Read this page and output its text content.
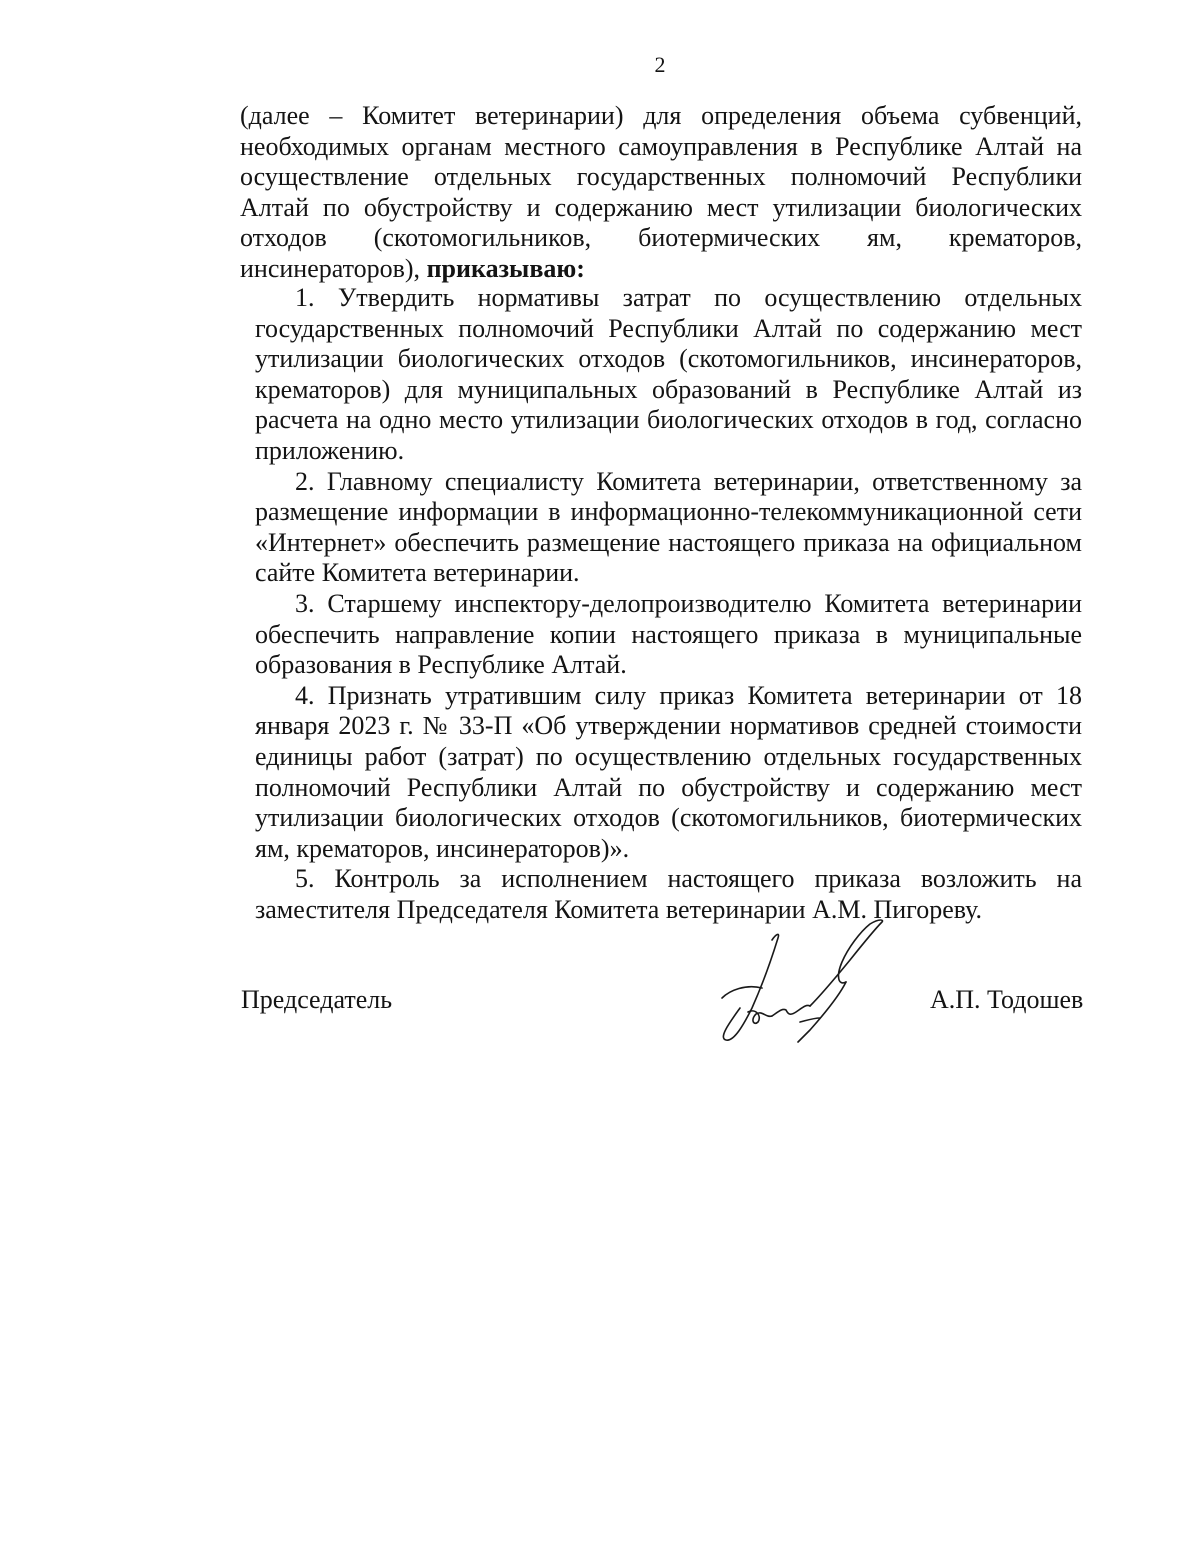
2

(далее – Комитет ветеринарии) для определения объема субвенций, необходимых органам местного самоуправления в Республике Алтай на осуществление отдельных государственных полномочий Республики Алтай по обустройству и содержанию мест утилизации биологических отходов (скотомогильников, биотермических ям, крематоров, инсинераторов), приказываю:

1. Утвердить нормативы затрат по осуществлению отдельных государственных полномочий Республики Алтай по содержанию мест утилизации биологических отходов (скотомогильников, инсинераторов, крематоров) для муниципальных образований в Республике Алтай из расчета на одно место утилизации биологических отходов в год, согласно приложению.

2. Главному специалисту Комитета ветеринарии, ответственному за размещение информации в информационно-телекоммуникационной сети «Интернет» обеспечить размещение настоящего приказа на официальном сайте Комитета ветеринарии.

3. Старшему инспектору-делопроизводителю Комитета ветеринарии обеспечить направление копии настоящего приказа в муниципальные образования в Республике Алтай.

4. Признать утратившим силу приказ Комитета ветеринарии от 18 января 2023 г. № 33-П «Об утверждении нормативов средней стоимости единицы работ (затрат) по осуществлению отдельных государственных полномочий Республики Алтай по обустройству и содержанию мест утилизации биологических отходов (скотомогильников, биотермических ям, крематоров, инсинераторов)».

5. Контроль за исполнением настоящего приказа возложить на заместителя Председателя Комитета ветеринарии А.М. Пигореву.

Председатель	А.П. Тодошев
